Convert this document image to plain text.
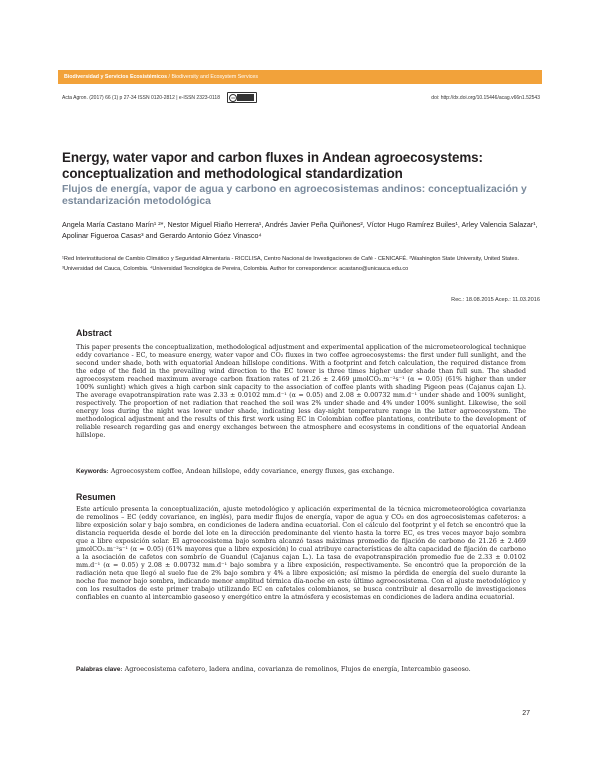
Biodiversidad y Servicios Ecosistémicos / Biodiversity and Ecosystem Services
Acta Agron. (2017) 66 (1) p 27-34 ISSN 0120-2812 | e-ISSN 2323-0118	cc	doi: http://dx.doi.org/10.15446/acag.v66n1.52543
Energy, water vapor and carbon fluxes in Andean agroecosystems: conceptualization and methodological standardization
Flujos de energía, vapor de agua y carbono en agroecosistemas andinos: conceptualización y estandarización metodológica
Angela María Castano Marín¹ ²*, Nestor Miguel Riaño Herrera¹, Andrés Javier Peña Quiñones², Víctor Hugo Ramírez Builes¹, Arley Valencia Salazar¹, Apolinar Figueroa Casas³ and Gerardo Antonio Góez Vinasco⁴
¹Red Interinstitucional de Cambio Climático y Seguridad Alimentaria - RICCLISA, Centro Nacional de Investigaciones de Café - CENICAFÉ. ²Washington State University, United States. ³Universidad del Cauca, Colombia. ⁴Universidad Tecnológica de Pereira, Colombia. Author for correspondence: acastano@unicauca.edu.co
Rec.: 18.08.2015 Acep.: 11.03.2016
Abstract
This paper presents the conceptualization, methodological adjustment and experimental application of the micrometeorological technique eddy covariance - EC, to measure energy, water vapor and CO₂ fluxes in two coffee agroecosystems: the first under full sunlight, and the second under shade, both with equatorial Andean hillslope conditions. With a footprint and fetch calculation, the required distance from the edge of the field in the prevailing wind direction to the EC tower is three times higher under shade than full sun. The shaded agroecosystem reached maximum average carbon fixation rates of 21.26 ± 2.469 µmolCO₂.m⁻²s⁻¹ (α = 0.05) (61% higher than under 100% sunlight) which gives a high carbon sink capacity to the association of coffee plants with shading Pigeon peas (Cajanus cajan L). The average evapotranspiration rate was 2.33 ± 0.0102 mm.d⁻¹ (α = 0.05) and 2.08 ± 0.00732 mm.d⁻¹ under shade and 100% sunlight, respectively. The proportion of net radiation that reached the soil was 2% under shade and 4% under 100% sunlight. Likewise, the soil energy loss during the night was lower under shade, indicating less day-night temperature range in the latter agroecosystem. The methodological adjustment and the results of this first work using EC in Colombian coffee plantations, contribute to the development of reliable research regarding gas and energy exchanges between the atmosphere and ecosystems in conditions of the equatorial Andean hillslope.
Keywords: Agroecosystem coffee, Andean hillslope, eddy covariance, energy fluxes, gas exchange.
Resumen
Este artículo presenta la conceptualización, ajuste metodológico y aplicación experimental de la técnica micrometeorológica covarianza de remolinos – EC (eddy covariance, en inglés), para medir flujos de energía, vapor de agua y CO₂ en dos agroecosistemas cafeteros: a libre exposición solar y bajo sombra, en condiciones de ladera andina ecuatorial. Con el cálculo del footprint y el fetch se encontró que la distancia requerida desde el borde del lote en la dirección predominante del viento hasta la torre EC, es tres veces mayor bajo sombra que a libre exposición solar. El agroecosistema bajo sombra alcanzó tasas máximas promedio de fijación de carbono de 21.26 ± 2.469 µmolCO₂.m⁻²s⁻¹ (α = 0.05) (61% mayores que a libre exposición) lo cual atribuye características de alta capacidad de fijación de carbono a la asociación de cafetos con sombrío de Guandul (Cajanus cajan L.). La tasa de evapotranspiración promedio fue de 2.33 ± 0.0102 mm.d⁻¹ (α = 0.05) y 2.08 ± 0.00732 mm.d⁻¹ bajo sombra y a libre exposición, respectivamente. Se encontró que la proporción de la radiación neta que llegó al suelo fue de 2% bajo sombra y 4% a libre exposición; así mismo la pérdida de energía del suelo durante la noche fue menor bajo sombra, indicando menor amplitud térmica día-noche en este último agroecosistema. Con el ajuste metodológico y con los resultados de este primer trabajo utilizando EC en cafetales colombianos, se busca contribuir al desarrollo de investigaciones confiables en cuanto al intercambio gaseoso y energético entre la atmósfera y ecosistemas en condiciones de ladera andina ecuatorial.
Palabras clave: Agroecosistema cafetero, ladera andina, covarianza de remolinos, Flujos de energía, Intercambio gaseoso.
27
